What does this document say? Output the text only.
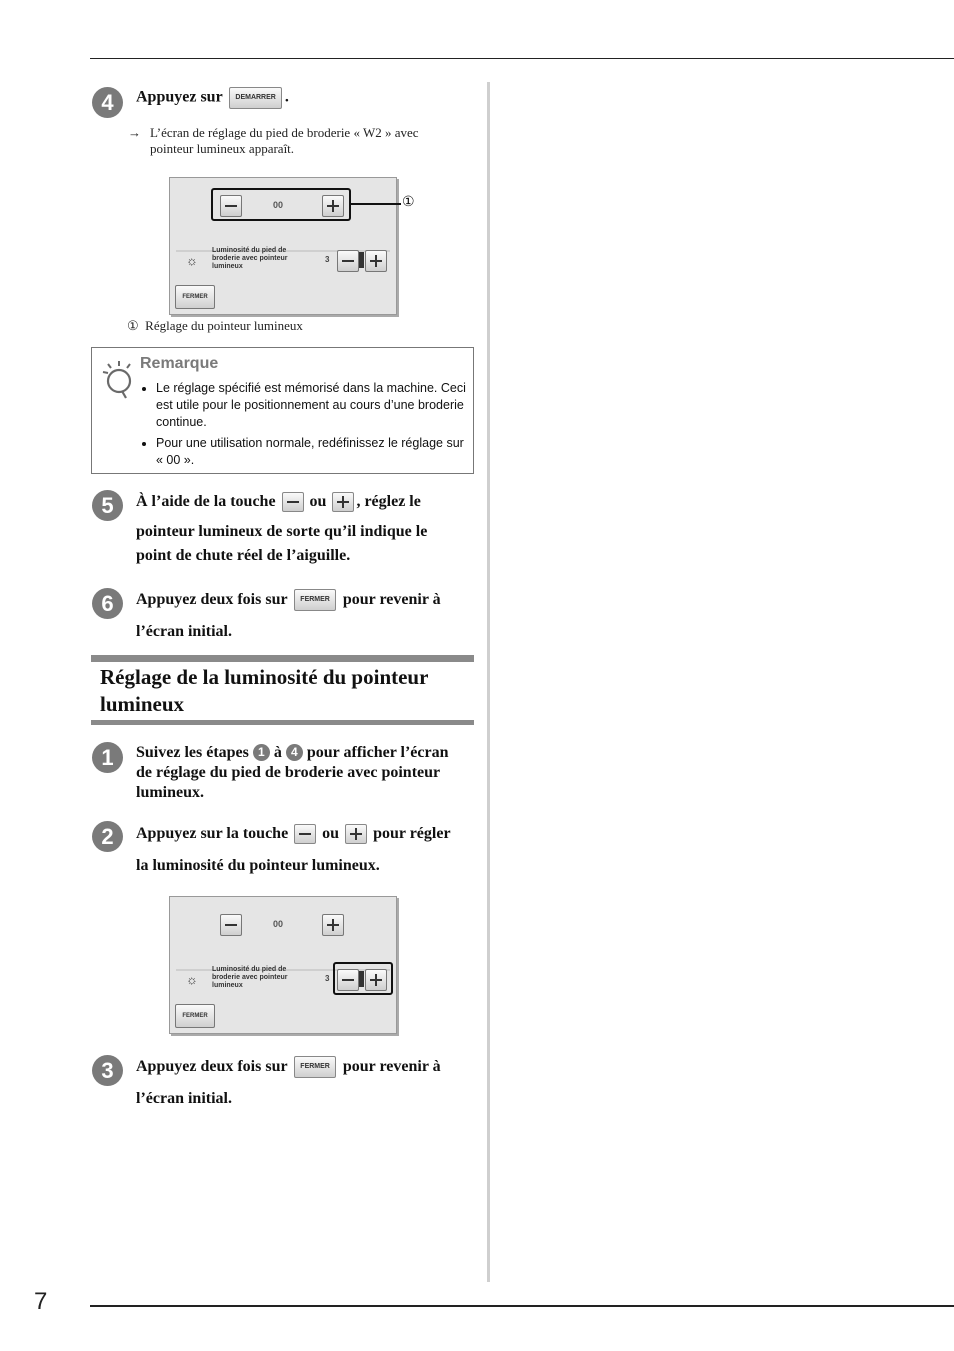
7
4	Appuyez sur DEMARRER .
→ L’écran de réglage du pied de broderie « W2 » avec
pointeur lumineux apparaît.
00
☼
Luminosité du pied de
broderie avec pointeur
lumineux
3
FERMER
①
① Réglage du pointeur lumineux
Remarque
• Le réglage spécifié est mémorisé dans la machine. Ceci est utile pour le positionnement au cours d’une broderie continue.
• Pour une utilisation normale, redéfinissez le réglage sur « 00 ».
5	À l’aide de la touche ou , réglez le
pointeur lumineux de sorte qu’il indique le
point de chute réel de l’aiguille.
6	Appuyez deux fois sur FERMER pour revenir à
l’écran initial.
Réglage de la luminosité du pointeur
lumineux
1	Suivez les étapes 1 à 4 pour afficher l’écran
de réglage du pied de broderie avec pointeur
lumineux.
2	Appuyez sur la touche ou pour régler
la luminosité du pointeur lumineux.
00
☼
Luminosité du pied de
broderie avec pointeur
lumineux
3
FERMER
3	Appuyez deux fois sur FERMER pour revenir à
l’écran initial.
